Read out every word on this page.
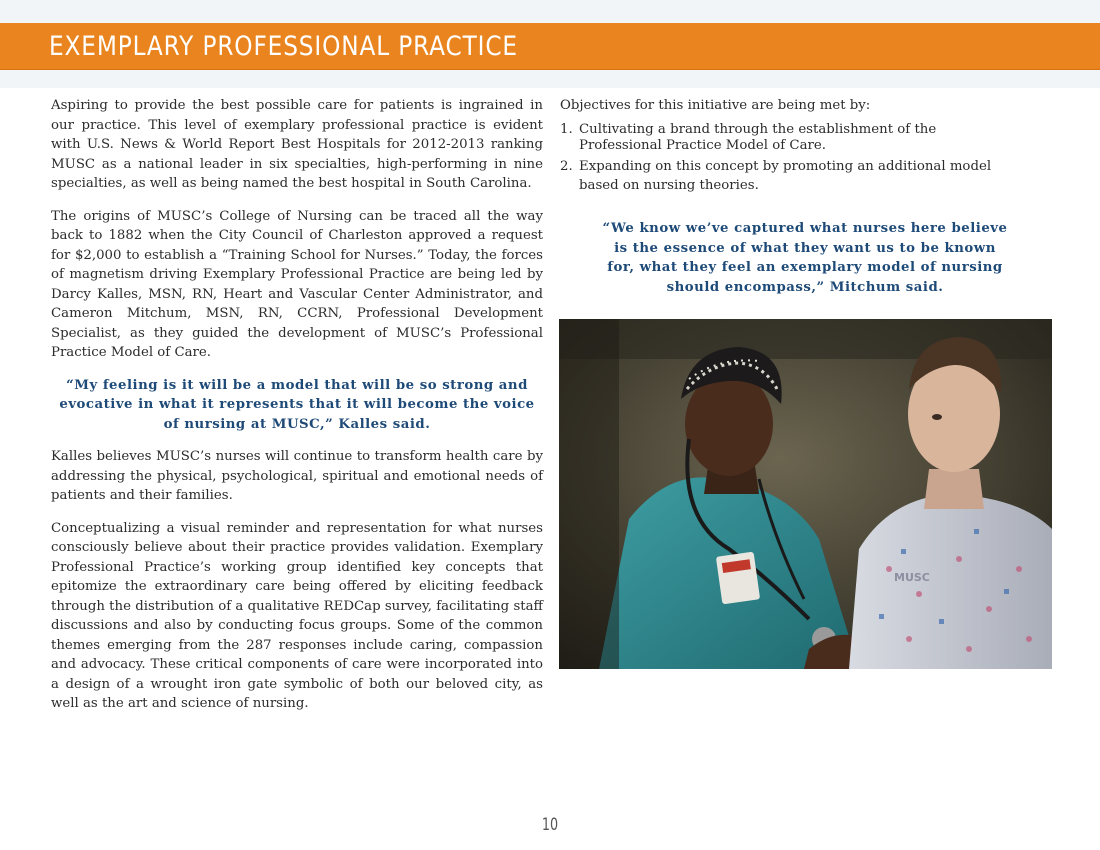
EXEMPLARY PROFESSIONAL PRACTICE

Aspiring to provide the best possible care for patients is ingrained in our practice. This level of exemplary professional practice is evident with U.S. News & World Report Best Hospitals for 2012-2013 ranking MUSC as a national leader in six specialties, high-performing in nine specialties, as well as being named the best hospital in South Carolina.

The origins of MUSC’s College of Nursing can be traced all the way back to 1882 when the City Council of Charleston approved a request for $2,000 to establish a “Training School for Nurses.” Today, the forces of magnetism driving Exemplary Professional Practice are being led by Darcy Kalles, MSN, RN, Heart and Vascular Center Administrator, and Cameron Mitchum, MSN, RN, CCRN, Professional Development Specialist, as they guided the development of MUSC’s Professional Practice Model of Care.

“My feeling is it will be a model that will be so strong and evocative in what it represents that it will become the voice of nursing at MUSC,” Kalles said.

Kalles believes MUSC’s nurses will continue to transform health care by addressing the physical, psychological, spiritual and emotional needs of patients and their families.

Conceptualizing a visual reminder and representation for what nurses consciously believe about their practice provides validation. Exemplary Professional Practice’s working group identified key concepts that epitomize the extraordinary care being offered by eliciting feedback through the distribution of a qualitative REDCap survey, facilitating staff discussions and also by conducting focus groups. Some of the common themes emerging from the 287 responses include caring, compassion and advocacy. These critical components of care were incorporated into a design of a wrought iron gate symbolic of both our beloved city, as well as the art and science of nursing.

Objectives for this initiative are being met by:

1. Cultivating a brand through the establishment of the Professional Practice Model of Care.
2. Expanding on this concept by promoting an additional model based on nursing theories.

“We know we’ve captured what nurses here believe is the essence of what they want us to be known for, what they feel an exemplary model of nursing should encompass,” Mitchum said.

MUSC
10
